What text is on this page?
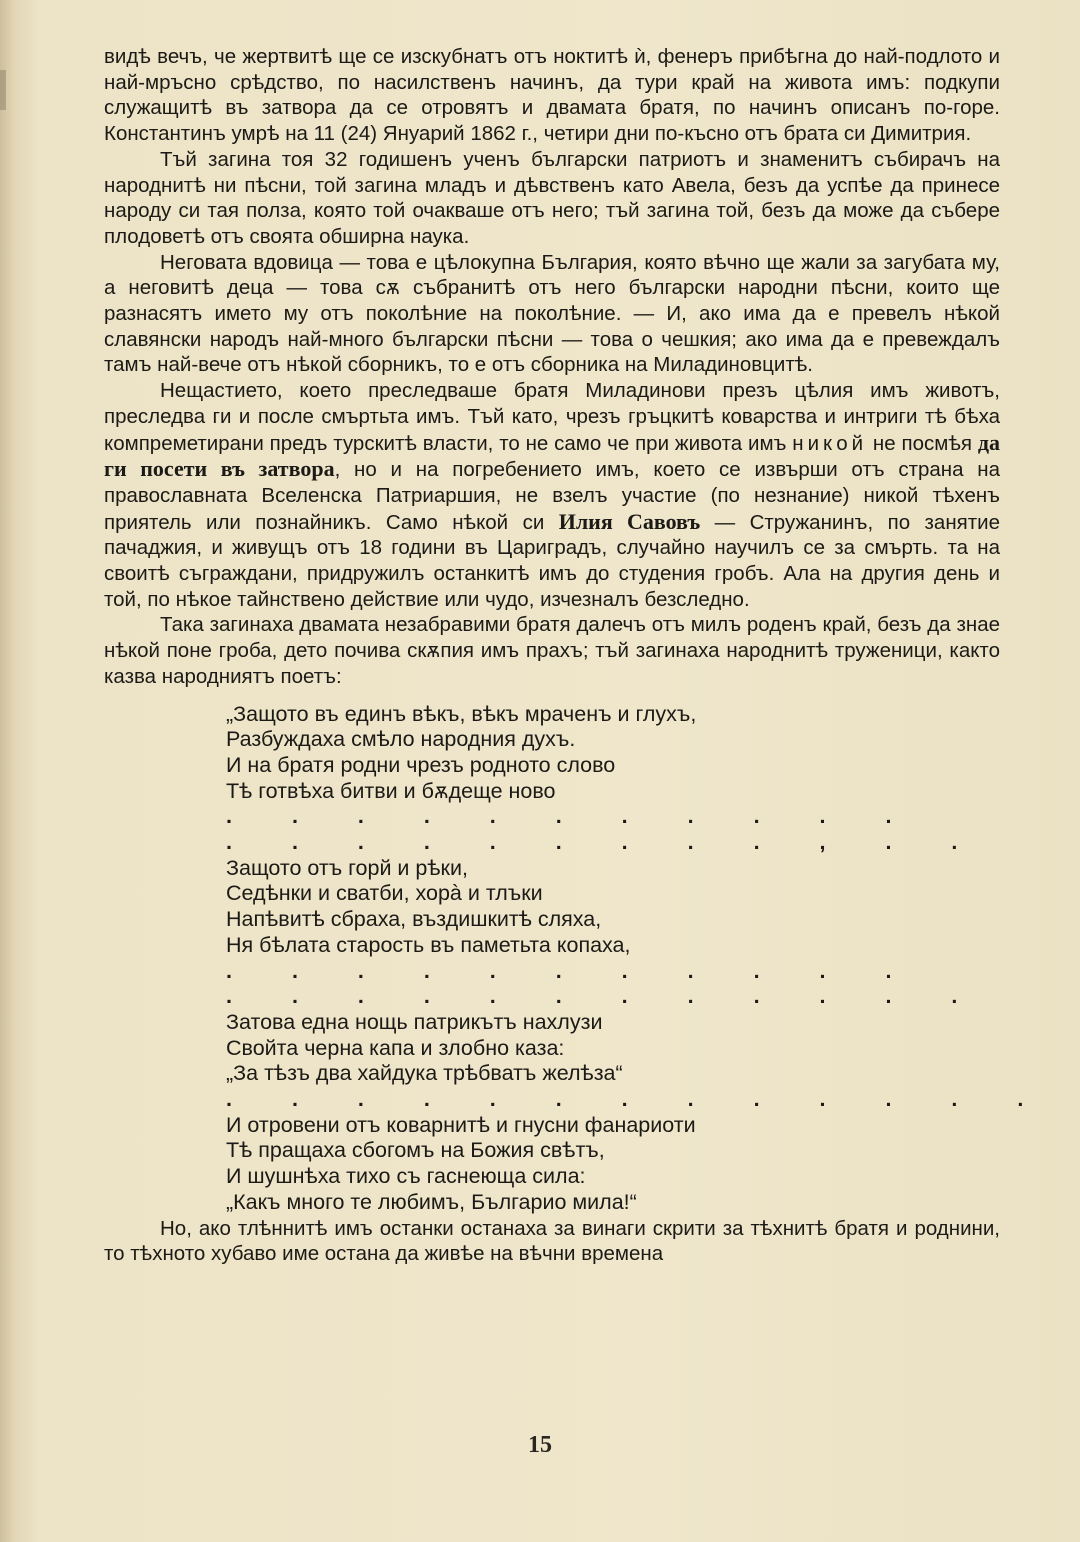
видѣ вечъ, че жертвитѣ ще се изскубнатъ отъ ноктитѣ ѝ, фенеръ прибѣгна до най-подлото и най-мръсно срѣдство, по насилственъ начинъ, да тури край на живота имъ: подкупи служащитѣ въ затвора да се отровятъ и двамата братя, по начинъ описанъ по-горе. Константинъ умрѣ на 11 (24) Януарий 1862 г., четири дни по-късно отъ брата си Димитрия.

Тъй загина тоя 32 годишенъ ученъ български патриотъ и знаменитъ събирачъ на народнитѣ ни пѣсни, той загина младъ и дѣвственъ като Авела, безъ да успѣе да принесе народу си тая полза, която той очакваше отъ него; тъй загина той, безъ да може да събере плодоветѣ отъ своята обширна наука.

Неговата вдовица — това е цѣлокупна България, която вѣчно ще жали за загубата му, а неговитѣ деца — това сѫ събранитѣ отъ него български народни пѣсни, които ще разнасятъ името му отъ поколѣние на поколѣние. — И, ако има да е превелъ нѣкой славянски народъ най-много български пѣсни — това о чешкия; ако има да е превеждалъ тамъ най-вече отъ нѣкой сборникъ, то е отъ сборника на Миладиновцитѣ.

Нещастието, което преследваше братя Миладинови презъ цѣлия имъ животъ, преследва ги и после смъртьта имъ. Тъй като, чрезъ гръцкитѣ коварства и интриги тѣ бѣха компреметирани предъ турскитѣ власти, то не само че при живота имъ никой не посмѣя да ги посети въ затвора, но и на погребението имъ, което се извърши отъ страна на православната Вселенска Патриаршия, не взелъ участие (по незнание) никой тѣхенъ приятель или познайникъ. Само нѣкой си Илия Савовъ — Стружанинъ, по занятие пачаджия, и живущъ отъ 18 години въ Цариградъ, случайно научилъ се за смърть. та на своитѣ съграждани, придружилъ останкитѣ имъ до студения гробъ. Ала на другия день и той, по нѣкое тайнствено действие или чудо, изчезналъ безследно.

Така загинаха двамата незабравими братя далечъ отъ милъ роденъ край, безъ да знае нѣкой поне гроба, дето почива скѫпия имъ прахъ; тъй загинаха народнитѣ труженици, както казва народниятъ поетъ:

„Защото въ единъ вѣкъ, вѣкъ мраченъ и глухъ,
Разбуждаха смѣло народния духъ.
И на братя родни чрезъ родното слово
Тѣ готвѣха битви и бѫдеще ново
. . . . . . . . . . .
. . . . . . . . . , . .
Защото отъ горй и рѣки,
Седѣнки и сватби, хорà и тлъки
Напѣвитѣ сбраха, въздишкитѣ сляха,
Ня бѣлата старость въ паметьта копаха,
. . . . . . . . . . .
. . . . . . . . . . . .
Затова една нощь патрикътъ нахлузи
Свойта черна капа и злобно каза:
„За тѣзъ два хайдука трѣбватъ желѣза“
. . . . . . . . . . . . .
И отровени отъ коварнитѣ и гнусни фанариоти
Тѣ пращаха сбогомъ на Божия свѣтъ,
И шушнѣха тихо съ гаснеюща сила:
„Какъ много те любимъ, Българио мила!“

Но, ако тлѣннитѣ имъ останки останаха за винаги скрити за тѣхнитѣ братя и роднини, то тѣхното хубаво име остана да живѣе на вѣчни времена

15
